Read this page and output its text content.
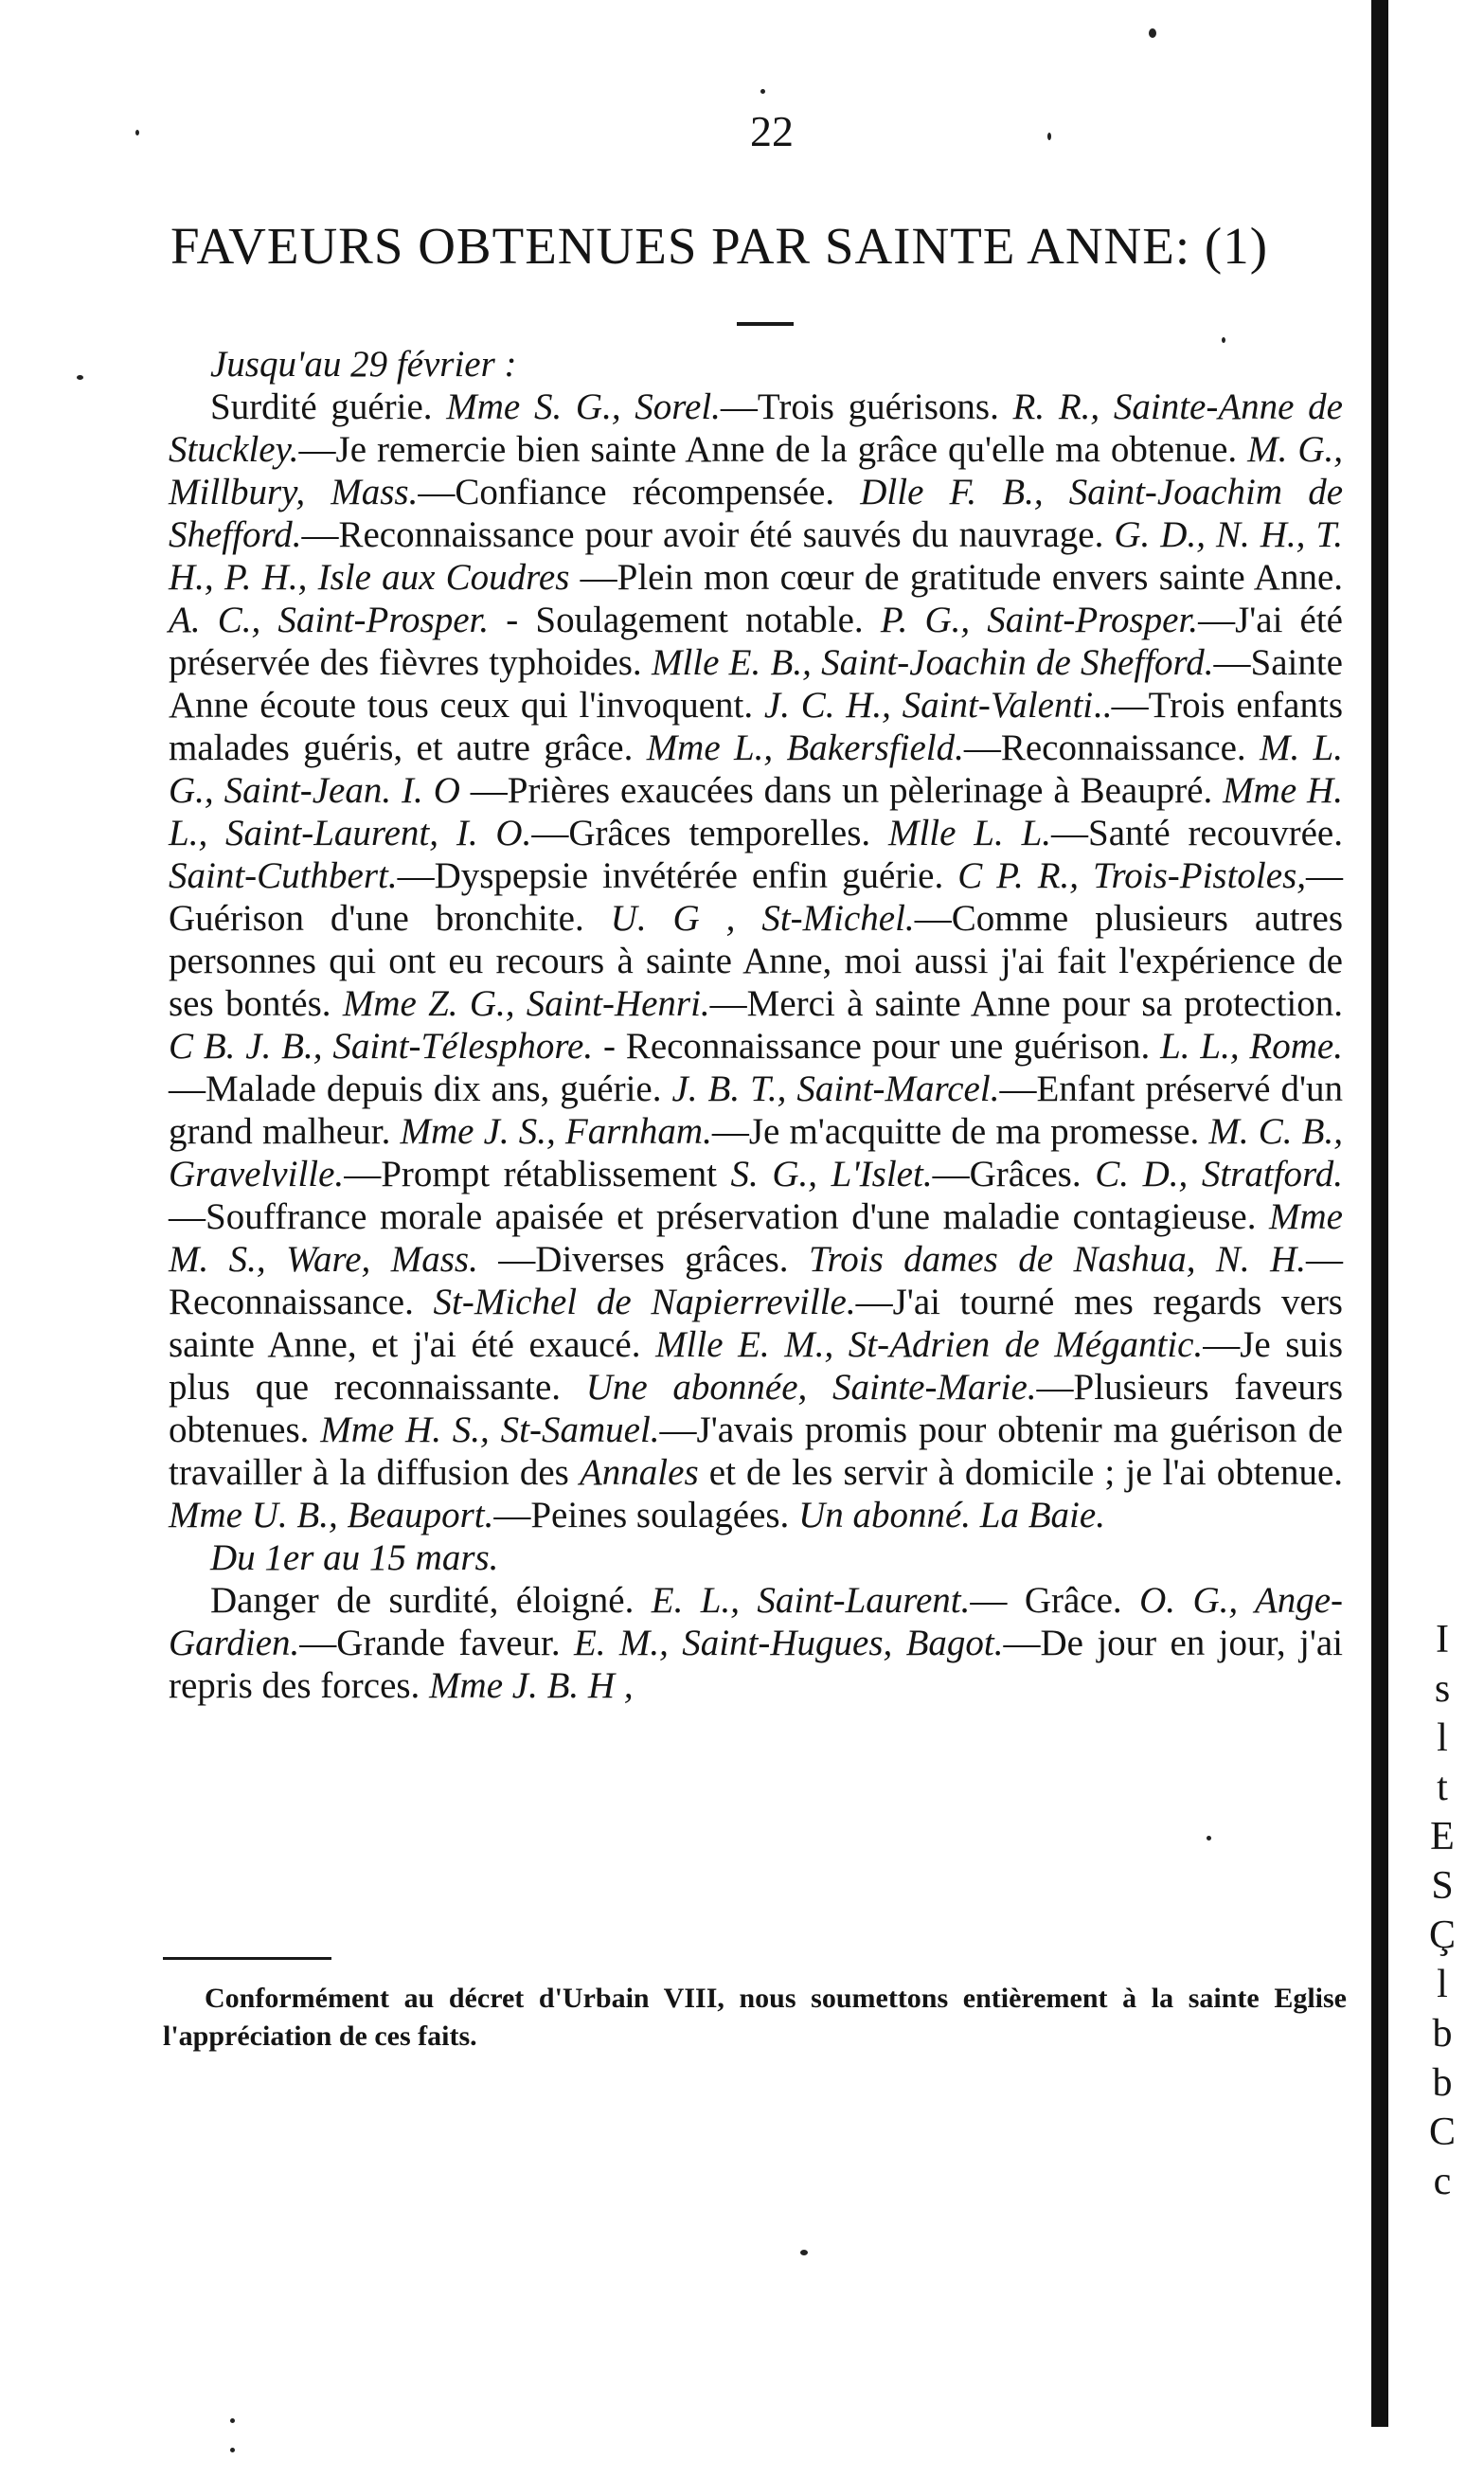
I
s
l
t
E
S
Ç
l
b
b
C
c
22
FAVEURS OBTENUES PAR SAINTE ANNE: (1)

Jusqu'au 29 février :

Surdité guérie. Mme S. G., Sorel.—Trois guérisons. R. R., Sainte-Anne de Stuckley.—Je remercie bien sainte Anne de la grâce qu'elle ma obtenue. M. G., Millbury, Mass.—Confiance récompensée. Dlle F. B., Saint-Joachim de Shefford.—Reconnaissance pour avoir été sauvés du nauvrage. G. D., N. H., T. H., P. H., Isle aux Coudres —Plein mon cœur de gratitude envers sainte Anne. A. C., Saint-Prosper. - Soulagement notable. P. G., Saint-Prosper.—J'ai été préservée des fièvres typhoides. Mlle E. B., Saint-Joachin de Shefford.—Sainte Anne écoute tous ceux qui l'invoquent. J. C. H., Saint-Valenti..—Trois enfants malades guéris, et autre grâce. Mme L., Bakersfield.—Reconnaissance. M. L. G., Saint-Jean. I. O —Prières exaucées dans un pèlerinage à Beaupré. Mme H. L., Saint-Laurent, I. O.—Grâces temporelles. Mlle L. L.—Santé recouvrée. Saint-Cuthbert.—Dyspepsie invétérée enfin guérie. C P. R., Trois-Pistoles,—Guérison d'une bronchite. U. G , St-Michel.—Comme plusieurs autres personnes qui ont eu recours à sainte Anne, moi aussi j'ai fait l'expérience de ses bontés. Mme Z. G., Saint-Henri.—Merci à sainte Anne pour sa protection. C B. J. B., Saint-Télesphore. - Reconnaissance pour une guérison. L. L., Rome.—Malade depuis dix ans, guérie. J. B. T., Saint-Marcel.—Enfant préservé d'un grand malheur. Mme J. S., Farnham.—Je m'acquitte de ma promesse. M. C. B., Gravelville.—Prompt rétablissement S. G., L'Islet.—Grâces. C. D., Stratford.—Souffrance morale apaisée et préservation d'une maladie contagieuse. Mme M. S., Ware, Mass. —Diverses grâces. Trois dames de Nashua, N. H.—Reconnaissance. St-Michel de Napierreville.—J'ai tourné mes regards vers sainte Anne, et j'ai été exaucé. Mlle E. M., St-Adrien de Mégantic.—Je suis plus que reconnaissante. Une abonnée, Sainte-Marie.—Plusieurs faveurs obtenues. Mme H. S., St-Samuel.—J'avais promis pour obtenir ma guérison de travailler à la diffusion des Annales et de les servir à domicile ; je l'ai obtenue. Mme U. B., Beauport.—Peines soulagées. Un abonné. La Baie.

Du 1er au 15 mars.

Danger de surdité, éloigné. E. L., Saint-Laurent.— Grâce. O. G., Ange-Gardien.—Grande faveur. E. M., Saint-Hugues, Bagot.—De jour en jour, j'ai repris des forces. Mme J. B. H ,

Conformément au décret d'Urbain VIII, nous soumettons entièrement à la sainte Eglise l'appréciation de ces faits.
